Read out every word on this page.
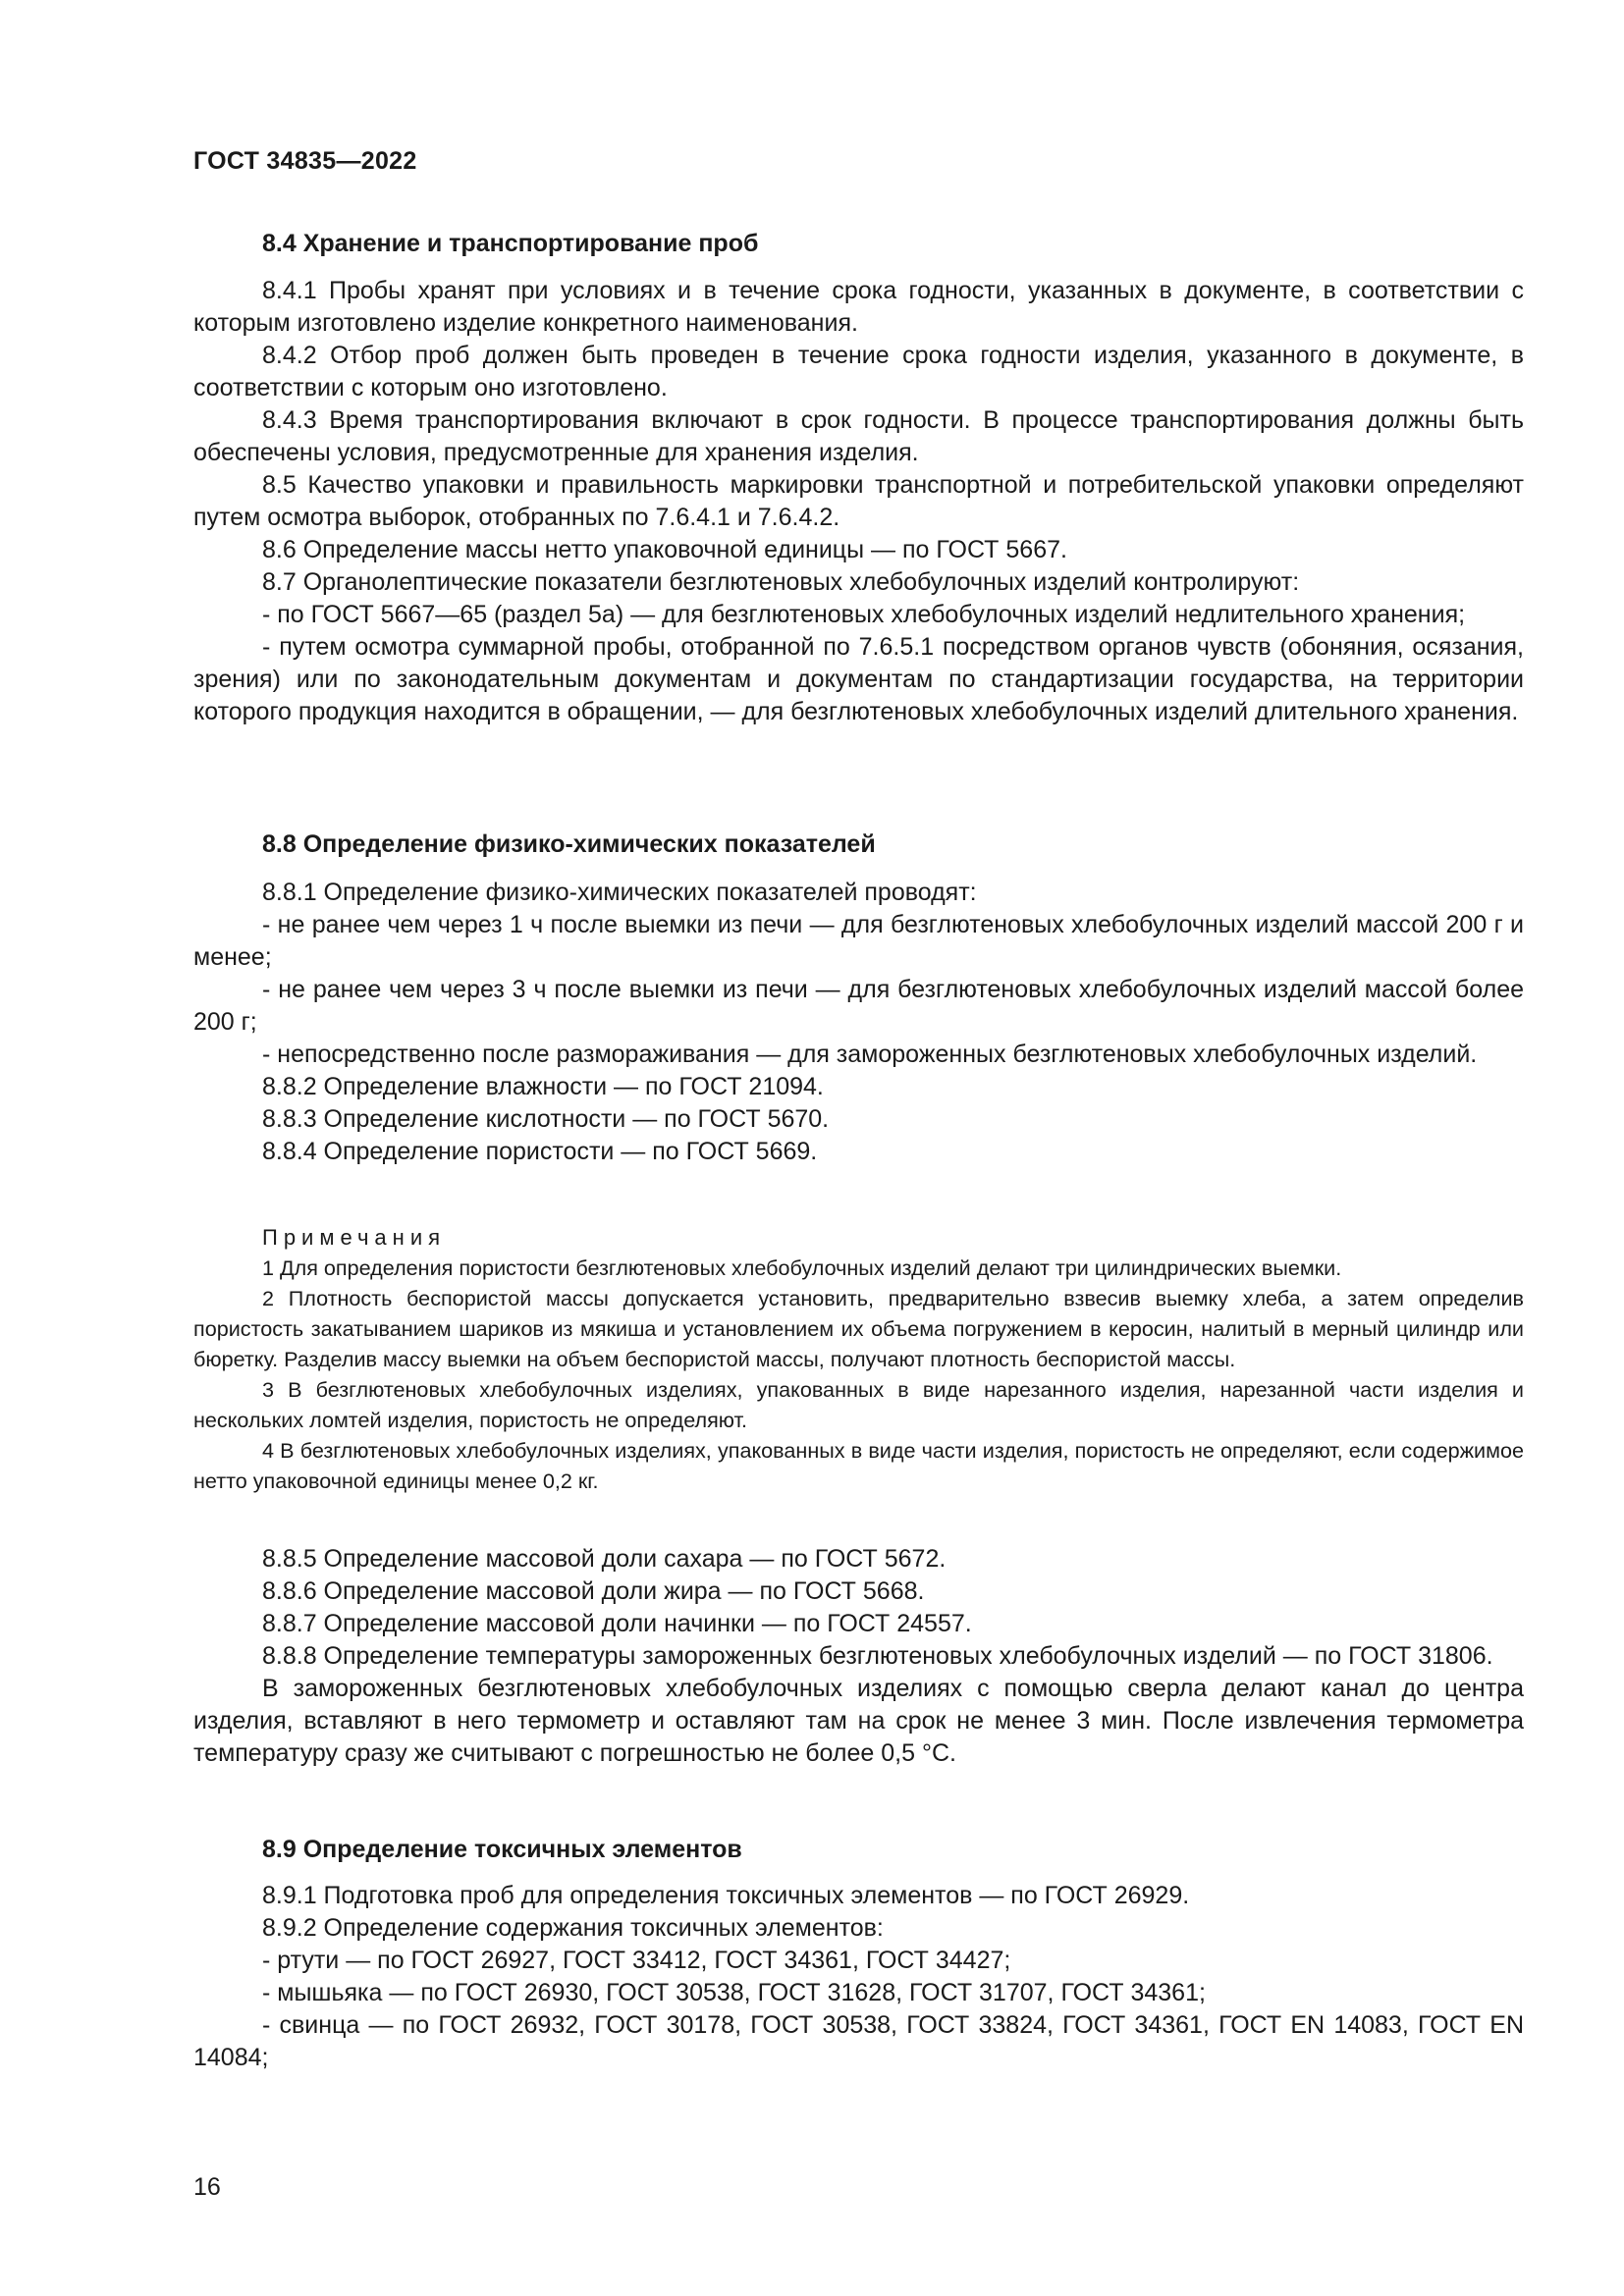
ГОСТ 34835—2022

8.4 Хранение и транспортирование проб

8.4.1 Пробы хранят при условиях и в течение срока годности, указанных в документе, в соответствии с которым изготовлено изделие конкретного наименования.

8.4.2 Отбор проб должен быть проведен в течение срока годности изделия, указанного в документе, в соответствии с которым оно изготовлено.

8.4.3 Время транспортирования включают в срок годности. В процессе транспортирования должны быть обеспечены условия, предусмотренные для хранения изделия.

8.5 Качество упаковки и правильность маркировки транспортной и потребительской упаковки определяют путем осмотра выборок, отобранных по 7.6.4.1 и 7.6.4.2.

8.6 Определение массы нетто упаковочной единицы — по ГОСТ 5667.

8.7 Органолептические показатели безглютеновых хлебобулочных изделий контролируют:

- по ГОСТ 5667—65 (раздел 5а) — для безглютеновых хлебобулочных изделий недлительного хранения;

- путем осмотра суммарной пробы, отобранной по 7.6.5.1 посредством органов чувств (обоняния, осязания, зрения) или по законодательным документам и документам по стандартизации государства, на территории которого продукция находится в обращении, — для безглютеновых хлебобулочных изделий длительного хранения.

8.8 Определение физико-химических показателей

8.8.1 Определение физико-химических показателей проводят:

- не ранее чем через 1 ч после выемки из печи — для безглютеновых хлебобулочных изделий массой 200 г и менее;

- не ранее чем через 3 ч после выемки из печи — для безглютеновых хлебобулочных изделий массой более 200 г;

- непосредственно после размораживания — для замороженных безглютеновых хлебобулочных изделий.

8.8.2 Определение влажности — по ГОСТ 21094.

8.8.3 Определение кислотности — по ГОСТ 5670.

8.8.4 Определение пористости — по ГОСТ 5669.

Примечания

1 Для определения пористости безглютеновых хлебобулочных изделий делают три цилиндрических выемки.

2 Плотность беспористой массы допускается установить, предварительно взвесив выемку хлеба, а затем определив пористость закатыванием шариков из мякиша и установлением их объема погружением в керосин, налитый в мерный цилиндр или бюретку. Разделив массу выемки на объем беспористой массы, получают плотность беспористой массы.

3 В безглютеновых хлебобулочных изделиях, упакованных в виде нарезанного изделия, нарезанной части изделия и нескольких ломтей изделия, пористость не определяют.

4 В безглютеновых хлебобулочных изделиях, упакованных в виде части изделия, пористость не определяют, если содержимое нетто упаковочной единицы менее 0,2 кг.

8.8.5 Определение массовой доли сахара — по ГОСТ 5672.

8.8.6 Определение массовой доли жира — по ГОСТ 5668.

8.8.7 Определение массовой доли начинки — по ГОСТ 24557.

8.8.8 Определение температуры замороженных безглютеновых хлебобулочных изделий — по ГОСТ 31806.

В замороженных безглютеновых хлебобулочных изделиях с помощью сверла делают канал до центра изделия, вставляют в него термометр и оставляют там на срок не менее 3 мин. После извлечения термометра температуру сразу же считывают с погрешностью не более 0,5 °С.

8.9 Определение токсичных элементов

8.9.1 Подготовка проб для определения токсичных элементов — по ГОСТ 26929.

8.9.2 Определение содержания токсичных элементов:

- ртути — по ГОСТ 26927, ГОСТ 33412, ГОСТ 34361, ГОСТ 34427;

- мышьяка — по ГОСТ 26930, ГОСТ 30538, ГОСТ 31628, ГОСТ 31707, ГОСТ 34361;

- свинца — по ГОСТ 26932, ГОСТ 30178, ГОСТ 30538, ГОСТ 33824, ГОСТ 34361, ГОСТ EN 14083, ГОСТ EN 14084;

16
